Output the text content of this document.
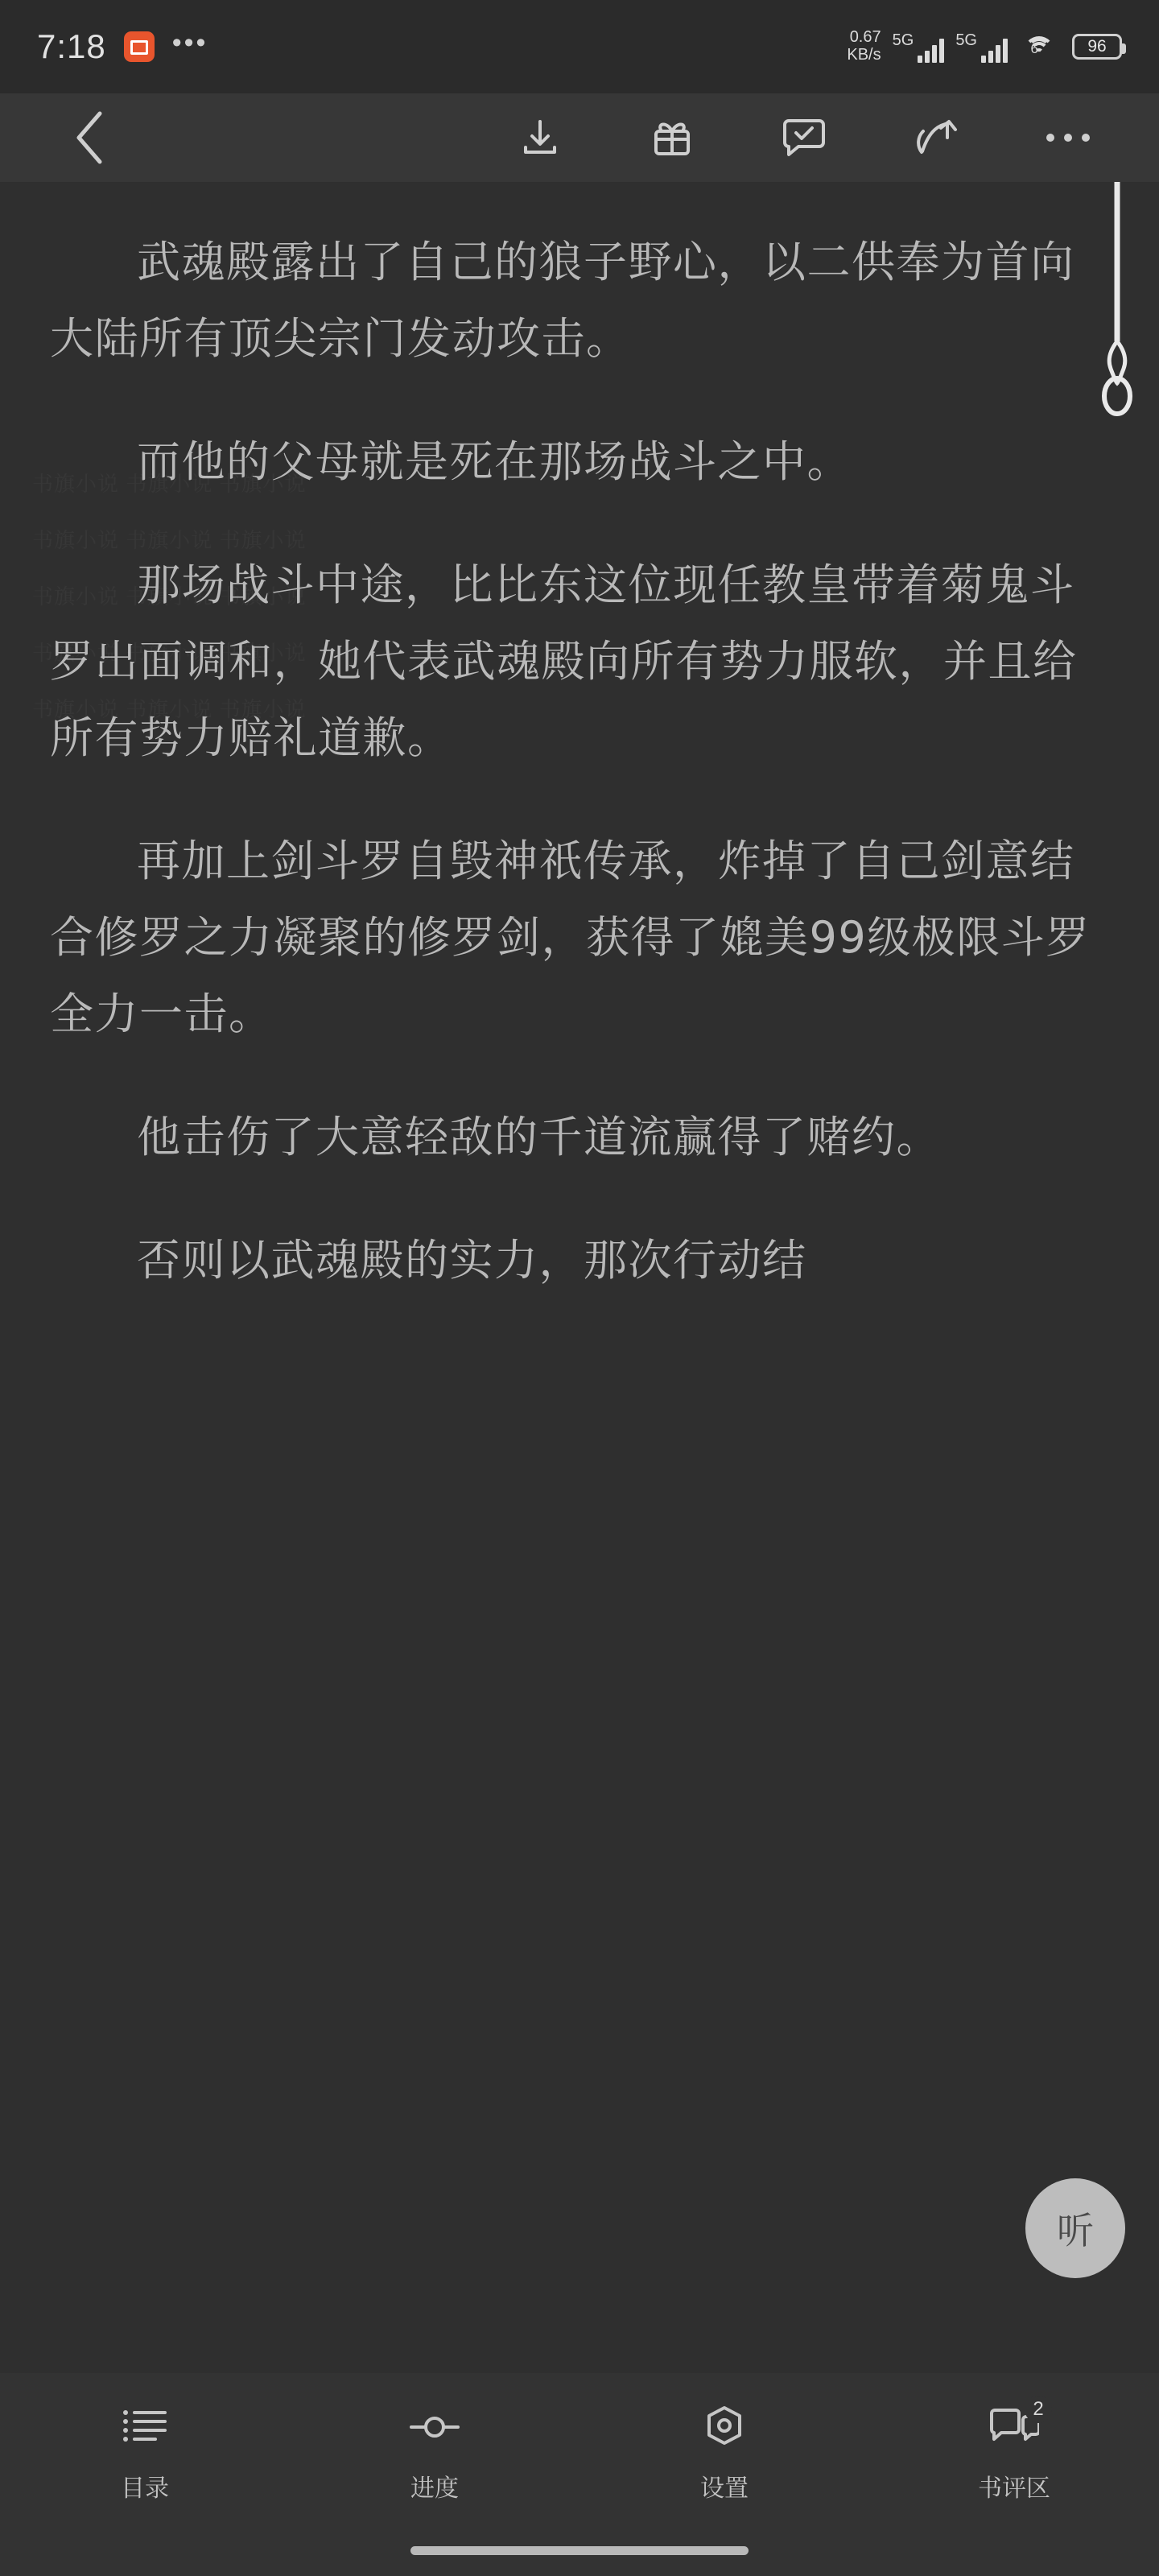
7:18 •••	0.67
KB/s
5G	5G	6	96

武魂殿露出了自己的狼子野心，以二供奉为首向大陆所有顶尖宗门发动攻击。

而他的父母就是死在那场战斗之中。

那场战斗中途，比比东这位现任教皇带着菊鬼斗罗出面调和，她代表武魂殿向所有势力服软，并且给所有势力赔礼道歉。

再加上剑斗罗自毁神祇传承，炸掉了自己剑意结合修罗之力凝聚的修罗剑，获得了媲美99级极限斗罗全力一击。

他击伤了大意轻敌的千道流赢得了赌约。

否则以武魂殿的实力，那次行动结

听
目录	进度	设置
2
书评区
